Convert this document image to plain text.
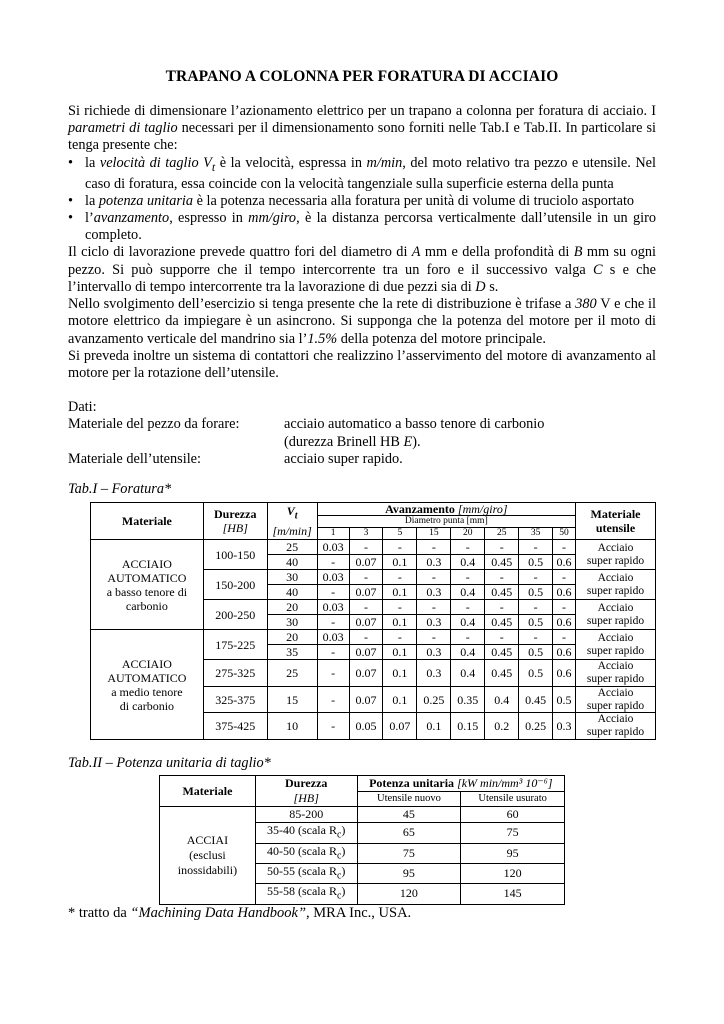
TRAPANO A COLONNA PER FORATURA DI ACCIAIO

Si richiede di dimensionare l’azionamento elettrico per un trapano a colonna per foratura di acciaio. I parametri di taglio necessari per il dimensionamento sono forniti nelle Tab.I e Tab.II. In particolare si tenga presente che:

• la velocità di taglio $V_t$ è la velocità, espressa in m/min, del moto relativo tra pezzo e utensile. Nel caso di foratura, essa coincide con la velocità tangenziale sulla superficie esterna della punta
• la potenza unitaria è la potenza necessaria alla foratura per unità di volume di truciolo asportato
• l’avanzamento, espresso in mm/giro, è la distanza percorsa verticalmente dall’utensile in un giro completo.

Il ciclo di lavorazione prevede quattro fori del diametro di A mm e della profondità di B mm su ogni pezzo. Si può supporre che il tempo intercorrente tra un foro e il successivo valga C s e che l’intervallo di tempo intercorrente tra la lavorazione di due pezzi sia di D s.

Nello svolgimento dell’esercizio si tenga presente che la rete di distribuzione è trifase a 380 V e che il motore elettrico da impiegare è un asincrono. Si supponga che la potenza del motore per il moto di avanzamento verticale del mandrino sia l’1.5% della potenza del motore principale.

Si preveda inoltre un sistema di contattori che realizzino l’asservimento del motore di avanzamento al motore per la rotazione dell’utensile.

Dati:
Materiale del pezzo da forare:	acciaio automatico a basso tenore di carbonio
(durezza Brinell HB E).
Materiale dell’utensile:	acciaio super rapido.

Tab.I – Foratura*

Materiale	Durezza
[HB]	$V_t$
[m/min]	Avanzamento [mm/giro]								Materiale
utensile
			Diametro punta [mm]								
			1	3	5	15	20	25	35	50	
ACCIAIO
AUTOMATICO
a basso tenore di
carbonio	100-150	25	0.03	-	-	-	-	-	-	-	Acciaio
super rapido
		40	-	0.07	0.1	0.3	0.4	0.45	0.5	0.6	
	150-200	30	0.03	-	-	-	-	-	-	-	Acciaio
super rapido
		40	-	0.07	0.1	0.3	0.4	0.45	0.5	0.6	
	200-250	20	0.03	-	-	-	-	-	-	-	Acciaio
super rapido
		30	-	0.07	0.1	0.3	0.4	0.45	0.5	0.6	
ACCIAIO
AUTOMATICO
a medio tenore
di carbonio	175-225	20	0.03	-	-	-	-	-	-	-	Acciaio
super rapido
		35	-	0.07	0.1	0.3	0.4	0.45	0.5	0.6	
	275-325	25	-	0.07	0.1	0.3	0.4	0.45	0.5	0.6	Acciaio
super rapido
	325-375	15	-	0.07	0.1	0.25	0.35	0.4	0.45	0.5	Acciaio
super rapido
	375-425	10	-	0.05	0.07	0.1	0.15	0.2	0.25	0.3	Acciaio
super rapido

Tab.II – Potenza unitaria di taglio*

Materiale	Durezza
[HB]	Potenza unitaria [kW min/mm³ 10⁻⁶]	
		Utensile nuovo	Utensile usurato
ACCIAI
(esclusi
inossidabili)	85-200	45	60
	35-40 (scala $R_c$)	65	75
	40-50 (scala $R_c$)	75	95
	50-55 (scala $R_c$)	95	120
	55-58 (scala $R_c$)	120	145
* tratto da “Machining Data Handbook”, MRA Inc., USA.
